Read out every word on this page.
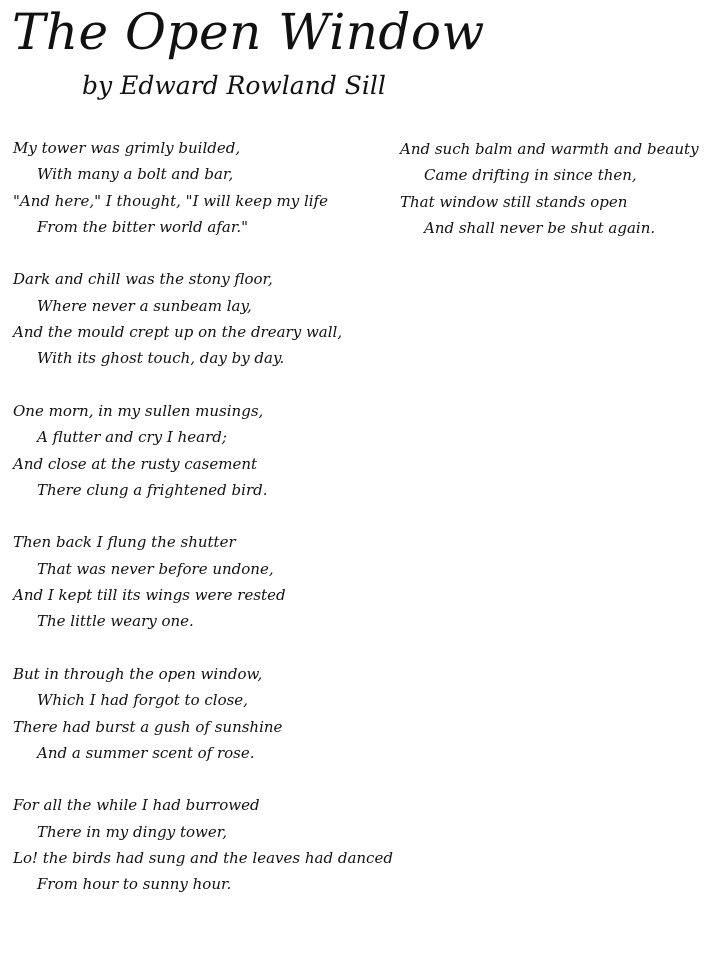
The Open Window
by Edward Rowland Sill
My tower was grimly builded,
With many a bolt and bar,
"And here," I thought, "I will keep my life
From the bitter world afar."
Dark and chill was the stony floor,
Where never a sunbeam lay,
And the mould crept up on the dreary wall,
With its ghost touch, day by day.
One morn, in my sullen musings,
A flutter and cry I heard;
And close at the rusty casement
There clung a frightened bird.
Then back I flung the shutter
That was never before undone,
And I kept till its wings were rested
The little weary one.
But in through the open window,
Which I had forgot to close,
There had burst a gush of sunshine
And a summer scent of rose.
For all the while I had burrowed
There in my dingy tower,
Lo! the birds had sung and the leaves had danced
From hour to sunny hour.
And such balm and warmth and beauty
Came drifting in since then,
That window still stands open
And shall never be shut again.
